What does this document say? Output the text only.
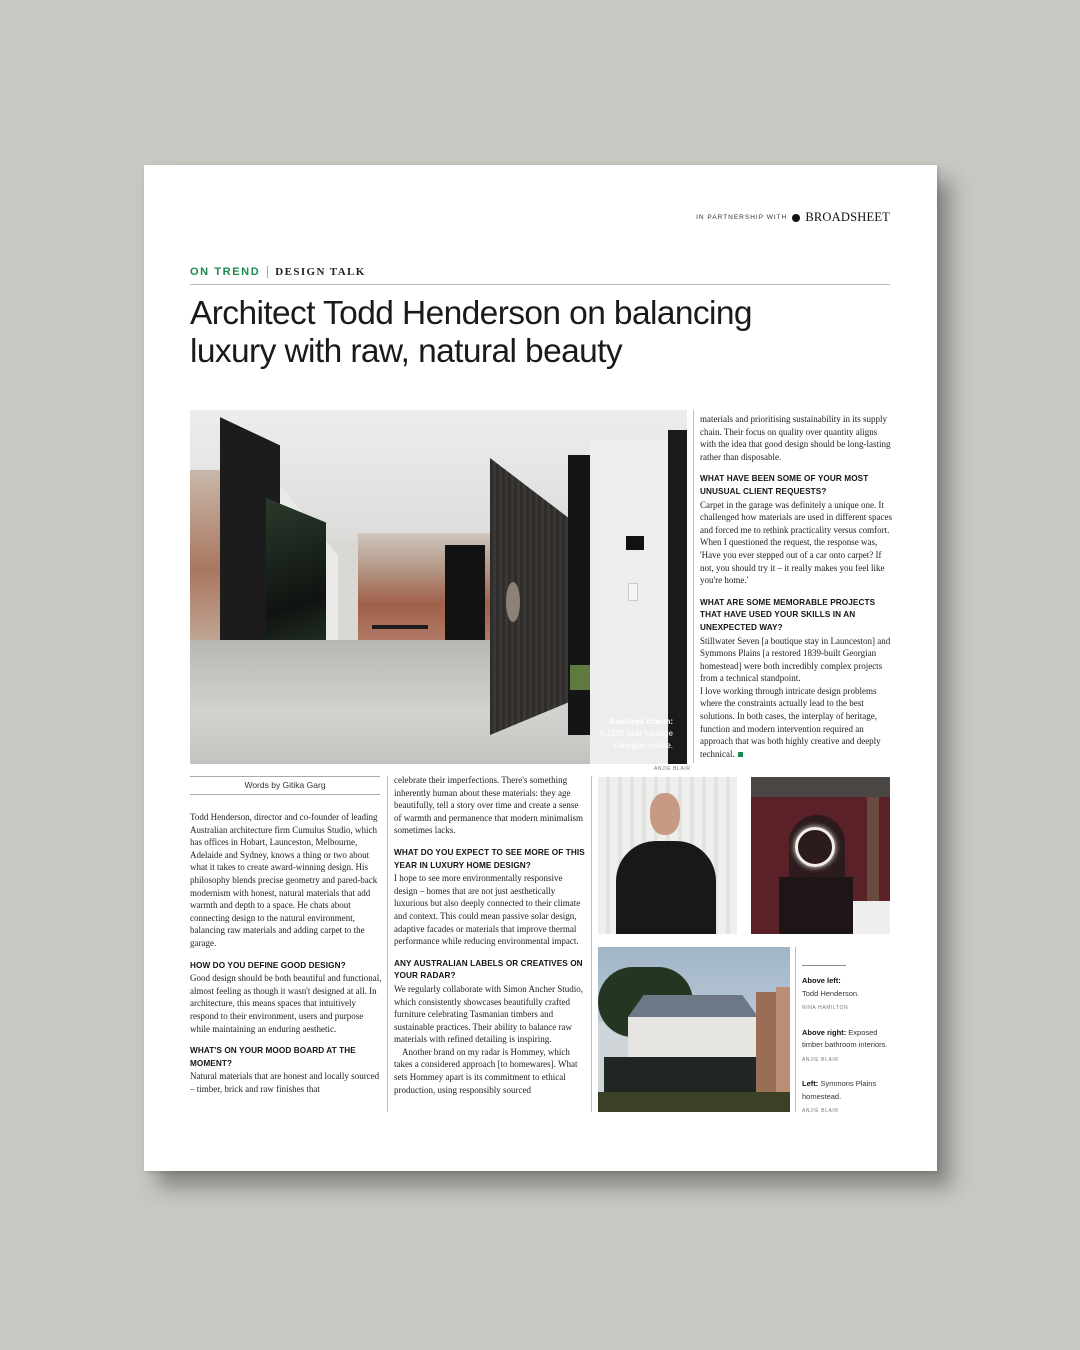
IN PARTNERSHIP WITH BROADSHEET
ON TREND DESIGN TALK
Architect Todd Henderson on balancing luxury with raw, natural beauty
Restored charm:
A 1839-built heritage
Georgian estate.
ANJIE BLAIR

materials and prioritising sustainability in its supply chain. Their focus on quality over quantity aligns with the idea that good design should be long-lasting rather than disposable.

WHAT HAVE BEEN SOME OF YOUR MOST UNUSUAL CLIENT REQUESTS?

Carpet in the garage was definitely a unique one. It challenged how materials are used in different spaces and forced me to rethink practicality versus comfort. When I questioned the request, the response was, 'Have you ever stepped out of a car onto carpet? If not, you should try it – it really makes you feel like you're home.'

WHAT ARE SOME MEMORABLE PROJECTS THAT HAVE USED YOUR SKILLS IN AN UNEXPECTED WAY?

Stillwater Seven [a boutique stay in Launceston] and Symmons Plains [a restored 1839-built Georgian homestead] were both incredibly complex projects from a technical standpoint.

I love working through intricate design problems where the constraints actually lead to the best solutions. In both cases, the interplay of heritage, function and modern intervention required an approach that was both highly creative and deeply technical.

Words by Gitika Garg

Todd Henderson, director and co-founder of leading Australian architecture firm Cumulus Studio, which has offices in Hobart, Launceston, Melbourne, Adelaide and Sydney, knows a thing or two about what it takes to create award-winning design. His philosophy blends precise geometry and pared-back modernism with honest, natural materials that add warmth and depth to a space. He chats about connecting design to the natural environment, balancing raw materials and adding carpet to the garage.

HOW DO YOU DEFINE GOOD DESIGN?

Good design should be both beautiful and functional, almost feeling as though it wasn't designed at all. In architecture, this means spaces that intuitively respond to their environment, users and purpose while maintaining an enduring aesthetic.

WHAT'S ON YOUR MOOD BOARD AT THE MOMENT?

Natural materials that are honest and locally sourced – timber, brick and raw finishes that

celebrate their imperfections. There's something inherently human about these materials: they age beautifully, tell a story over time and create a sense of warmth and permanence that modern minimalism sometimes lacks.

WHAT DO YOU EXPECT TO SEE MORE OF THIS YEAR IN LUXURY HOME DESIGN?

I hope to see more environmentally responsive design – homes that are not just aesthetically luxurious but also deeply connected to their climate and context. This could mean passive solar design, adaptive facades or materials that improve thermal performance while reducing environmental impact.

ANY AUSTRALIAN LABELS OR CREATIVES ON YOUR RADAR?

We regularly collaborate with Simon Ancher Studio, which consistently showcases beautifully crafted furniture celebrating Tasmanian timbers and sustainable practices. Their ability to balance raw materials with refined detailing is inspiring.

Another brand on my radar is Hommey, which takes a considered approach [to homewares]. What sets Hommey apart is its commitment to ethical production, using responsibly sourced

Above left:
Todd Henderson.
NINA HAMILTON
Above right: Exposed timber bathroom interiors.
ANJIE BLAIR
Left: Symmons Plains homestead.
ANJIE BLAIR
